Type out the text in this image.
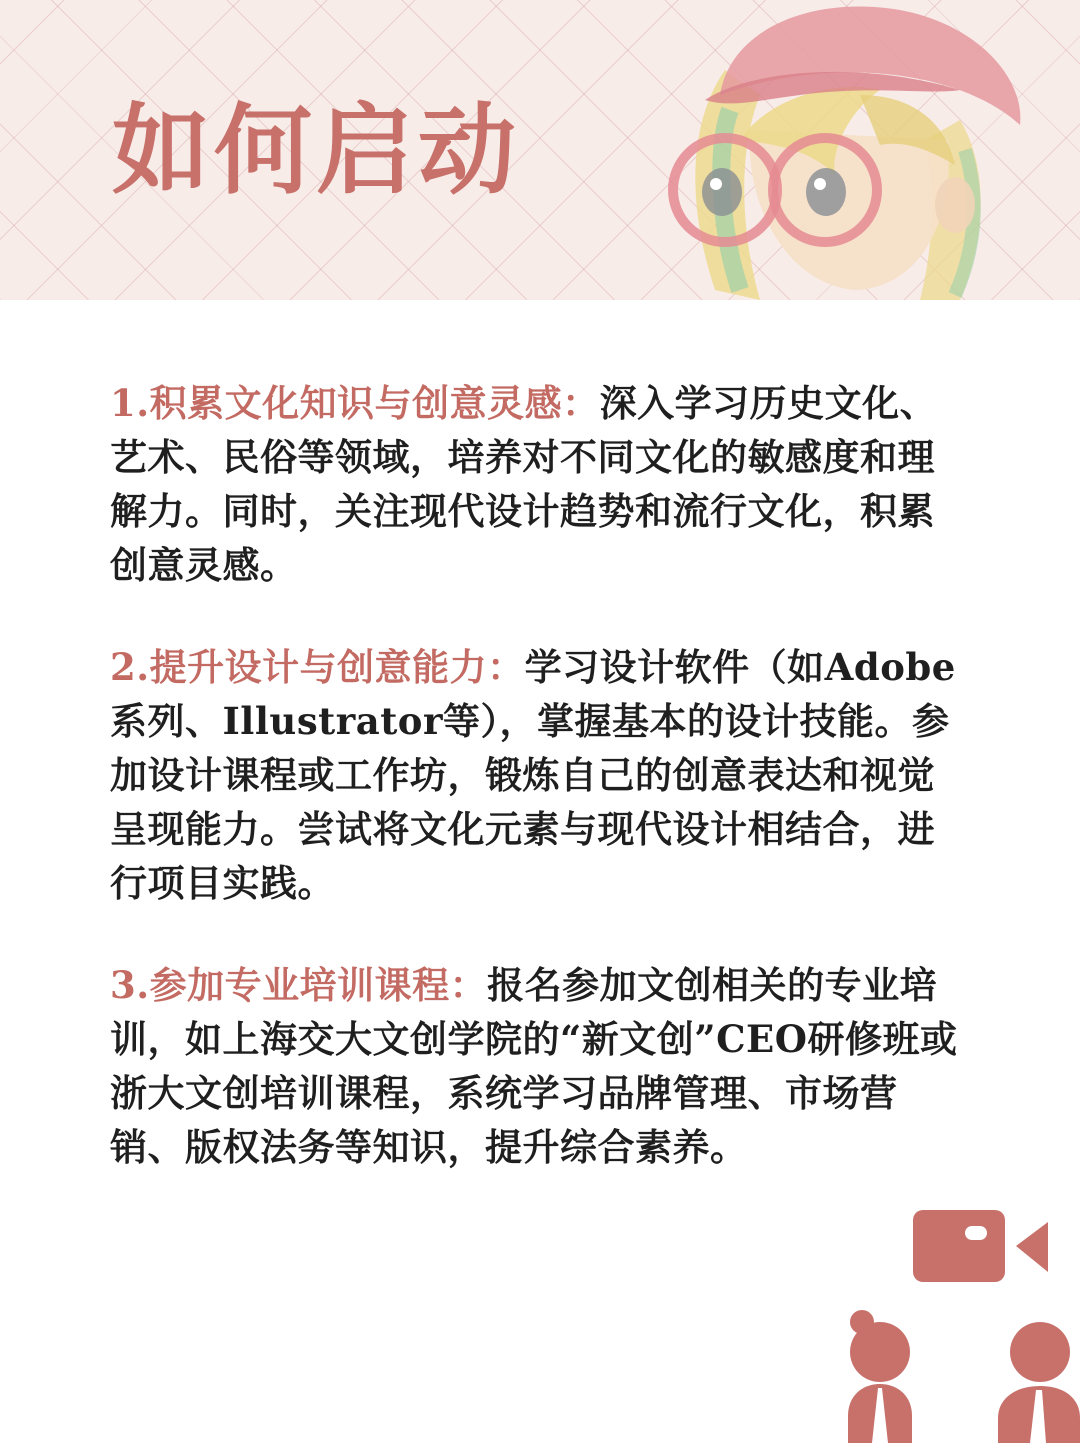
如何启动

1.积累文化知识与创意灵感：深入学习历史文化、艺术、民俗等领域，培养对不同文化的敏感度和理解力。同时，关注现代设计趋势和流行文化，积累创意灵感。

2.提升设计与创意能力：学习设计软件（如Adobe系列、Illustrator等），掌握基本的设计技能。参加设计课程或工作坊，锻炼自己的创意表达和视觉呈现能力。尝试将文化元素与现代设计相结合，进行项目实践。

3.参加专业培训课程：报名参加文创相关的专业培训，如上海交大文创学院的“新文创”CEO研修班或浙大文创培训课程，系统学习品牌管理、市场营销、版权法务等知识，提升综合素养。
